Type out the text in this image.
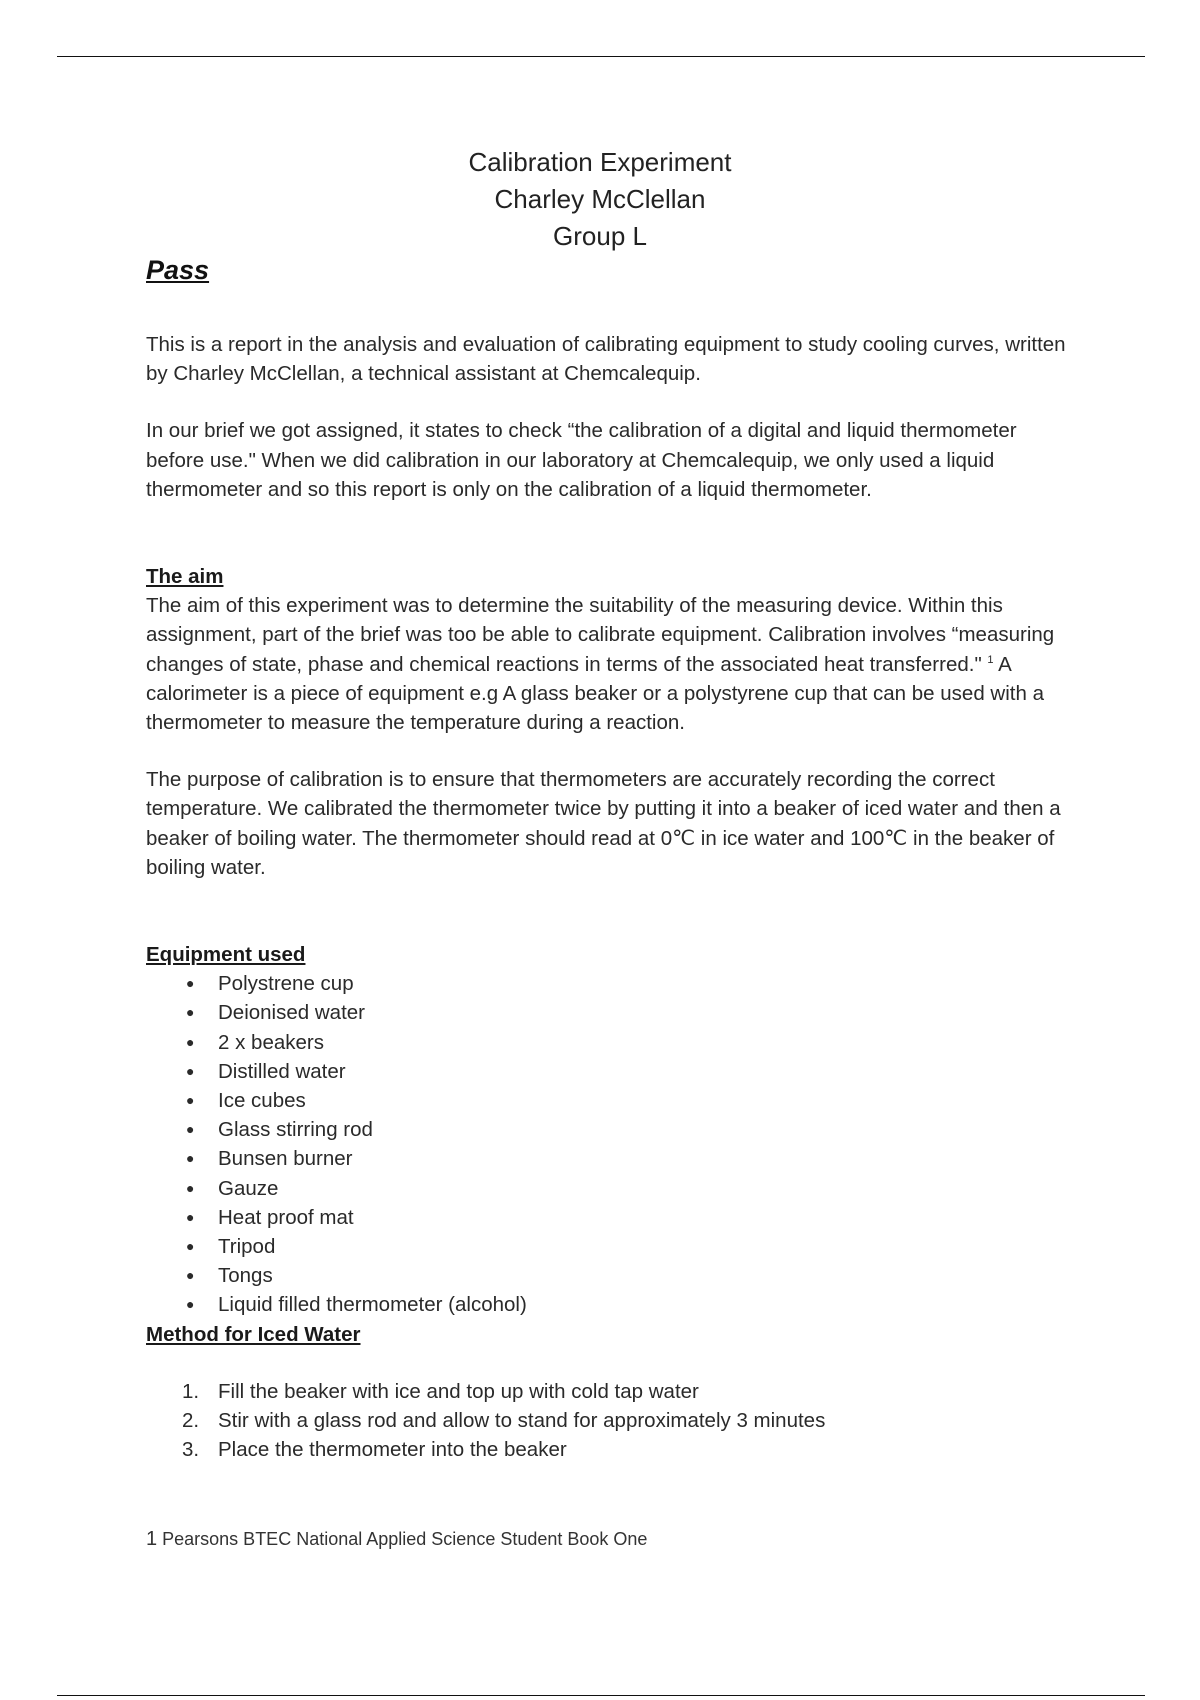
Calibration Experiment
Charley McClellan
Group L
Pass

This is a report in the analysis and evaluation of calibrating equipment to study cooling curves, written by Charley McClellan, a technical assistant at Chemcalequip.

In our brief we got assigned, it states to check “the calibration of a digital and liquid thermometer before use." When we did calibration in our laboratory at Chemcalequip, we only used a liquid thermometer and so this report is only on the calibration of a liquid thermometer.

The aim

The aim of this experiment was to determine the suitability of the measuring device. Within this assignment, part of the brief was too be able to calibrate equipment. Calibration involves “measuring changes of state, phase and chemical reactions in terms of the associated heat transferred." $^1$ A calorimeter is a piece of equipment e.g A glass beaker or a polystyrene cup that can be used with a thermometer to measure the temperature during a reaction.

The purpose of calibration is to ensure that thermometers are accurately recording the correct temperature. We calibrated the thermometer twice by putting it into a beaker of iced water and then a beaker of boiling water. The thermometer should read at 0℃ in ice water and 100℃ in the beaker of boiling water.

Equipment used

● Polystrene cup
● Deionised water
● 2 x beakers
● Distilled water
● Ice cubes
● Glass stirring rod
● Bunsen burner
● Gauze
● Heat proof mat
● Tripod
● Tongs
● Liquid filled thermometer (alcohol)

Method for Iced Water

1. Fill the beaker with ice and top up with cold tap water
2. Stir with a glass rod and allow to stand for approximately 3 minutes
3. Place the thermometer into the beaker
1 Pearsons BTEC National Applied Science Student Book One
